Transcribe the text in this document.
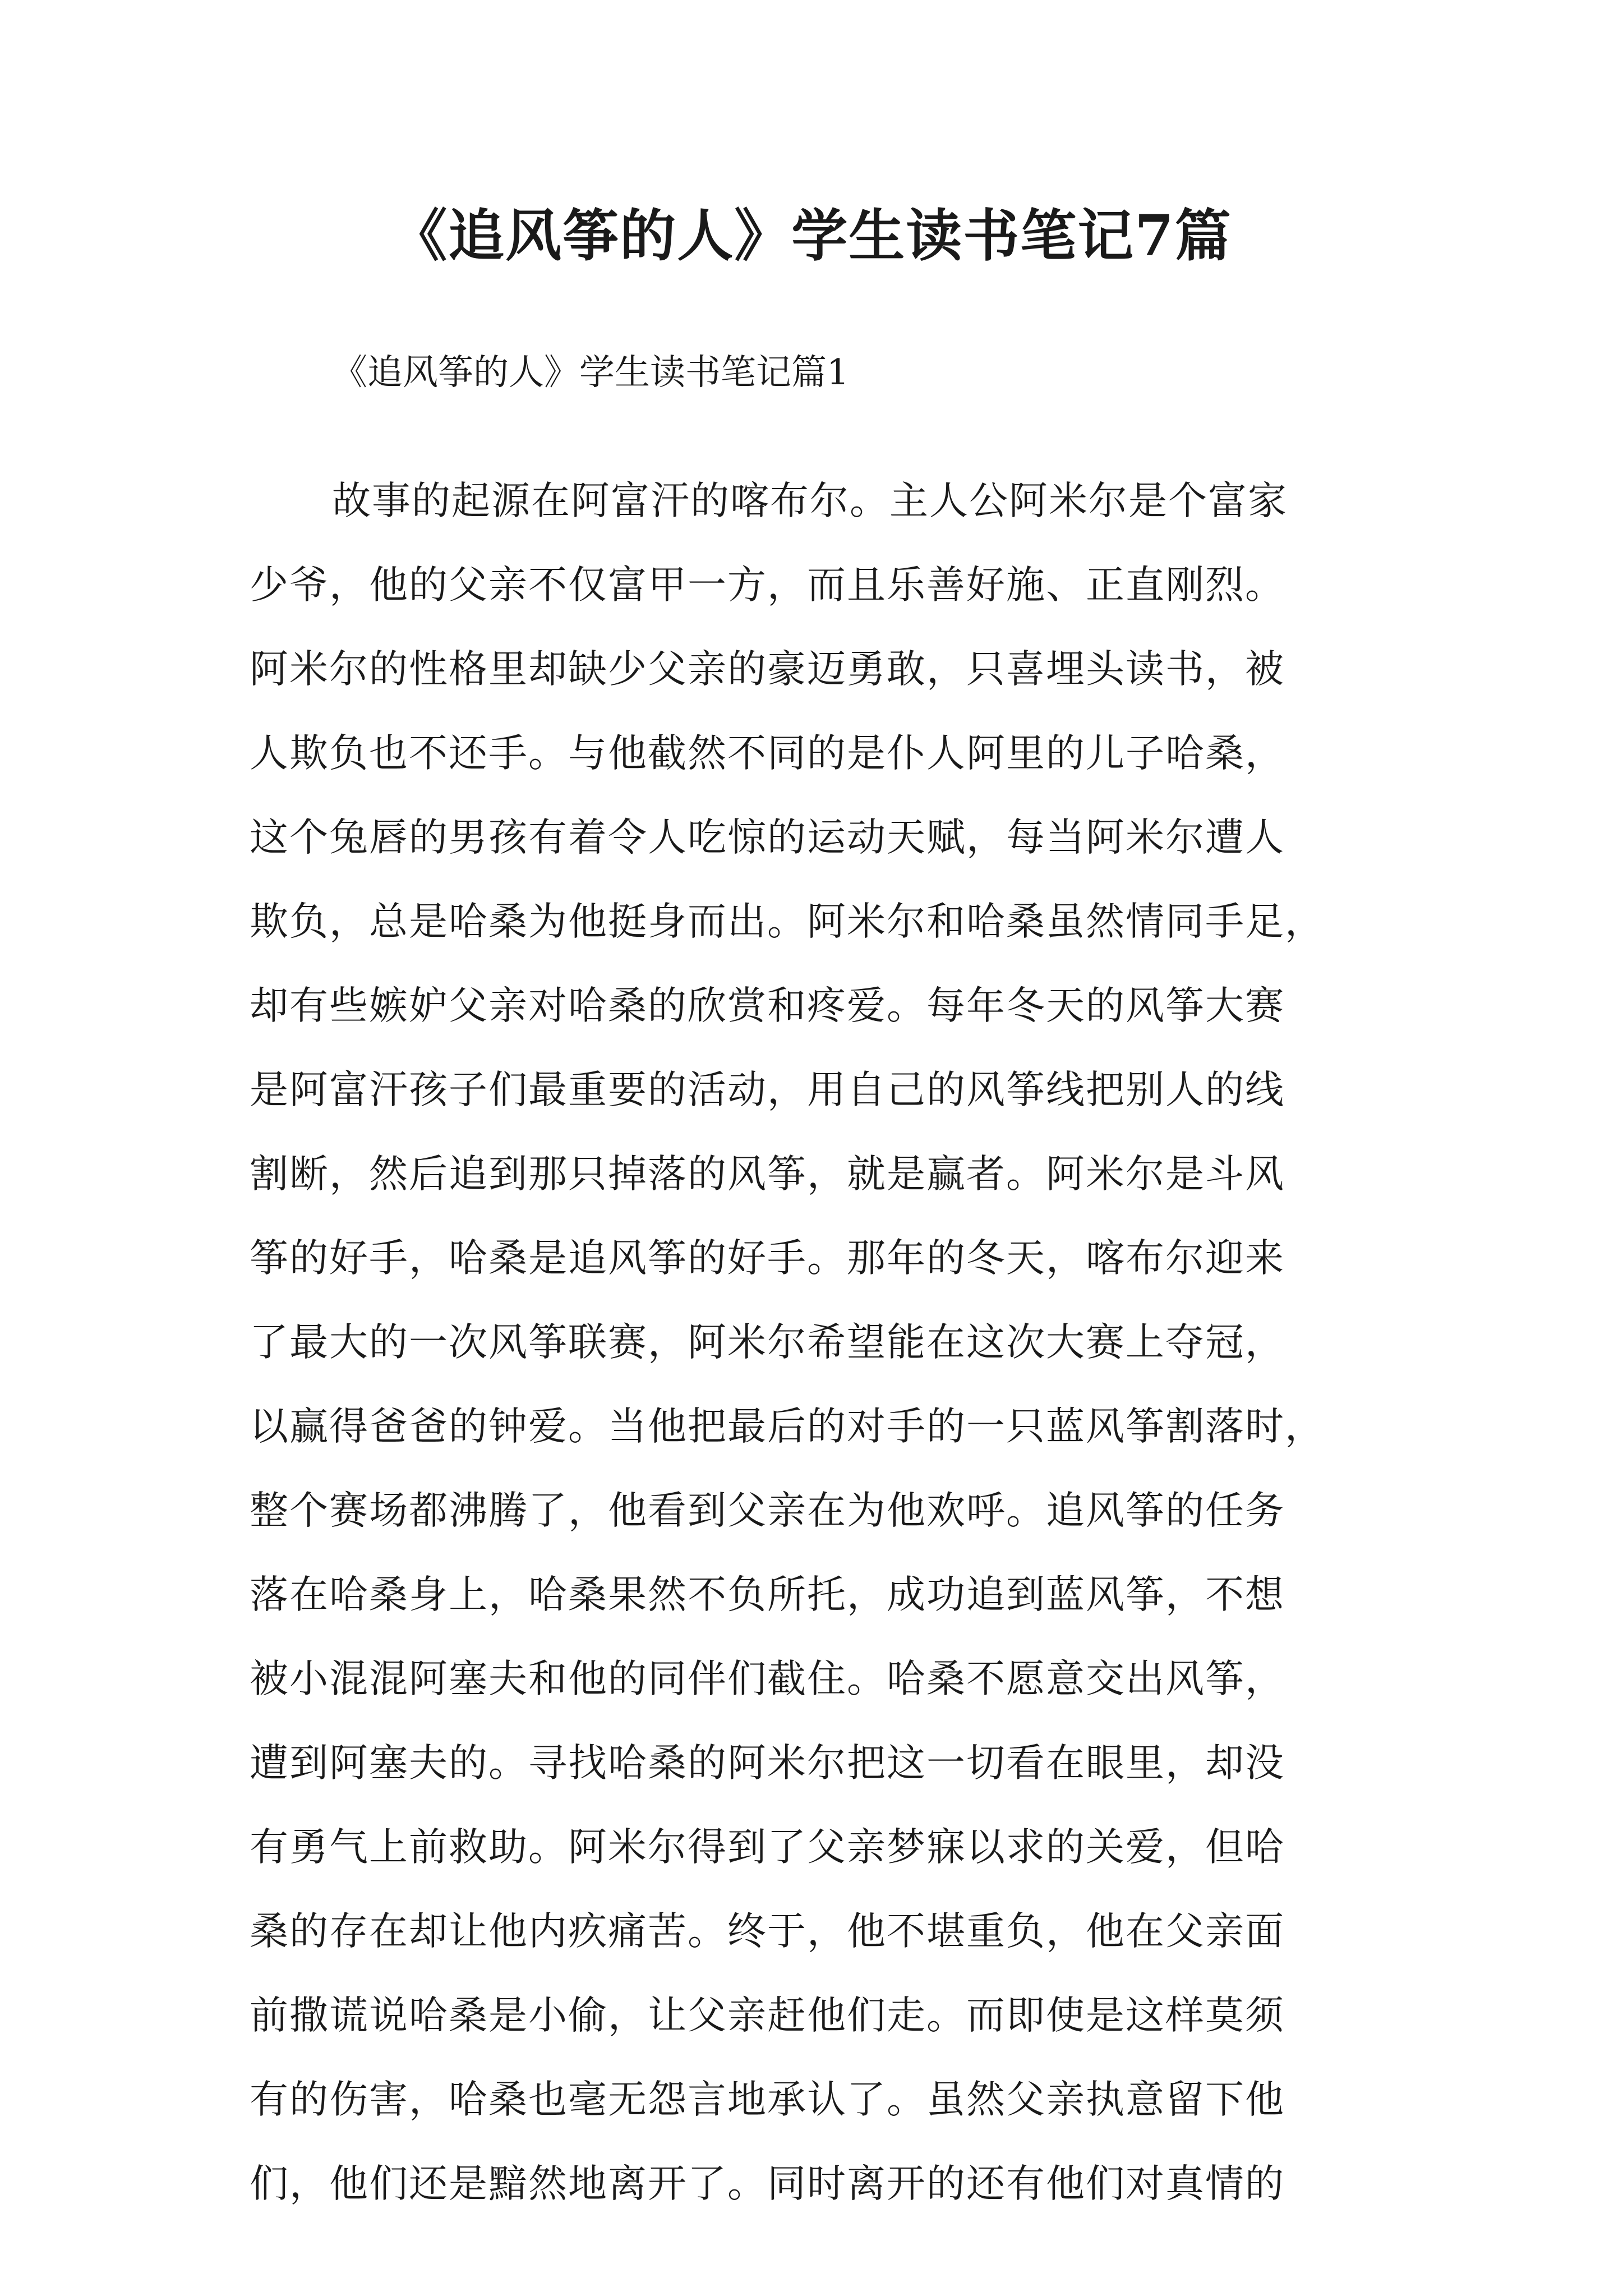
《追风筝的人》学生读书笔记7篇
《追风筝的人》学生读书笔记篇1
故事的起源在阿富汗的喀布尔。主人公阿米尔是个富家
少爷，他的父亲不仅富甲一方，而且乐善好施、正直刚烈。
阿米尔的性格里却缺少父亲的豪迈勇敢，只喜埋头读书，被
人欺负也不还手。与他截然不同的是仆人阿里的儿子哈桑，
这个兔唇的男孩有着令人吃惊的运动天赋，每当阿米尔遭人
欺负，总是哈桑为他挺身而出。阿米尔和哈桑虽然情同手足，
却有些嫉妒父亲对哈桑的欣赏和疼爱。每年冬天的风筝大赛
是阿富汗孩子们最重要的活动，用自己的风筝线把别人的线
割断，然后追到那只掉落的风筝，就是赢者。阿米尔是斗风
筝的好手，哈桑是追风筝的好手。那年的冬天，喀布尔迎来
了最大的一次风筝联赛，阿米尔希望能在这次大赛上夺冠，
以赢得爸爸的钟爱。当他把最后的对手的一只蓝风筝割落时，
整个赛场都沸腾了，他看到父亲在为他欢呼。追风筝的任务
落在哈桑身上，哈桑果然不负所托，成功追到蓝风筝，不想
被小混混阿塞夫和他的同伴们截住。哈桑不愿意交出风筝，
遭到阿塞夫的。寻找哈桑的阿米尔把这一切看在眼里，却没
有勇气上前救助。阿米尔得到了父亲梦寐以求的关爱，但哈
桑的存在却让他内疚痛苦。终于，他不堪重负，他在父亲面
前撒谎说哈桑是小偷，让父亲赶他们走。而即使是这样莫须
有的伤害，哈桑也毫无怨言地承认了。虽然父亲执意留下他
们，他们还是黯然地离开了。同时离开的还有他们对真情的
